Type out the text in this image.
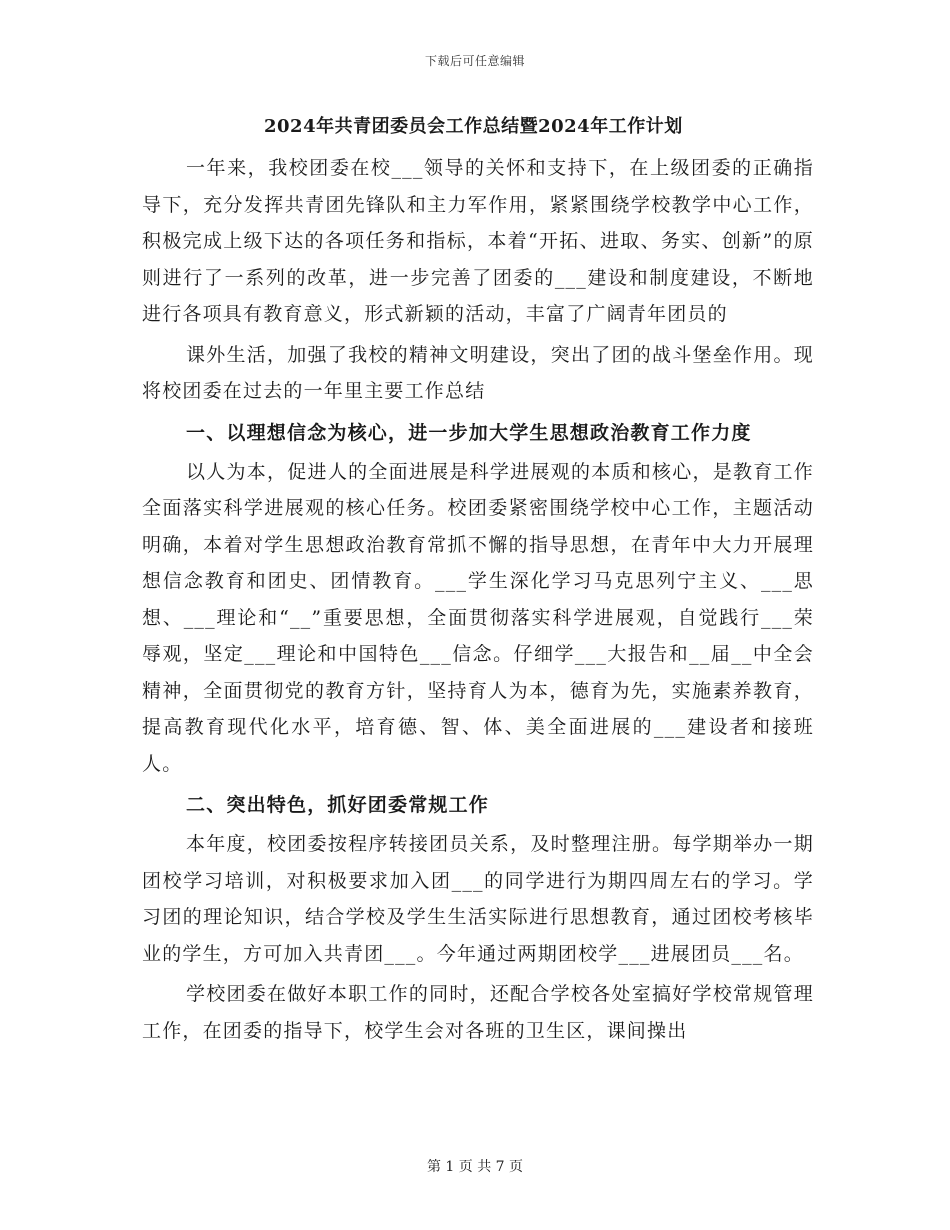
下载后可任意编辑
2024年共青团委员会工作总结暨2024年工作计划

一年来，我校团委在校___领导的关怀和支持下，在上级团委的正确指导下，充分发挥共青团先锋队和主力军作用，紧紧围绕学校教学中心工作，积极完成上级下达的各项任务和指标，本着“开拓、进取、务实、创新”的原则进行了一系列的改革，进一步完善了团委的___建设和制度建设，不断地进行各项具有教育意义，形式新颖的活动，丰富了广阔青年团员的

课外生活，加强了我校的精神文明建设，突出了团的战斗堡垒作用。现将校团委在过去的一年里主要工作总结

一、以理想信念为核心，进一步加大学生思想政治教育工作力度

以人为本，促进人的全面进展是科学进展观的本质和核心，是教育工作全面落实科学进展观的核心任务。校团委紧密围绕学校中心工作，主题活动明确，本着对学生思想政治教育常抓不懈的指导思想，在青年中大力开展理想信念教育和团史、团情教育。___学生深化学习马克思列宁主义、___思想、___理论和“__”重要思想，全面贯彻落实科学进展观，自觉践行___荣辱观，坚定___理论和中国特色___信念。仔细学___大报告和__届__中全会精神，全面贯彻党的教育方针，坚持育人为本，德育为先，实施素养教育，提高教育现代化水平，培育德、智、体、美全面进展的___建设者和接班人。

二、突出特色，抓好团委常规工作

本年度，校团委按程序转接团员关系，及时整理注册。每学期举办一期团校学习培训，对积极要求加入团___的同学进行为期四周左右的学习。学习团的理论知识，结合学校及学生生活实际进行思想教育，通过团校考核毕业的学生，方可加入共青团___。今年通过两期团校学___进展团员___名。

学校团委在做好本职工作的同时，还配合学校各处室搞好学校常规管理工作，在团委的指导下，校学生会对各班的卫生区，课间操出

第 1 页 共 7 页
